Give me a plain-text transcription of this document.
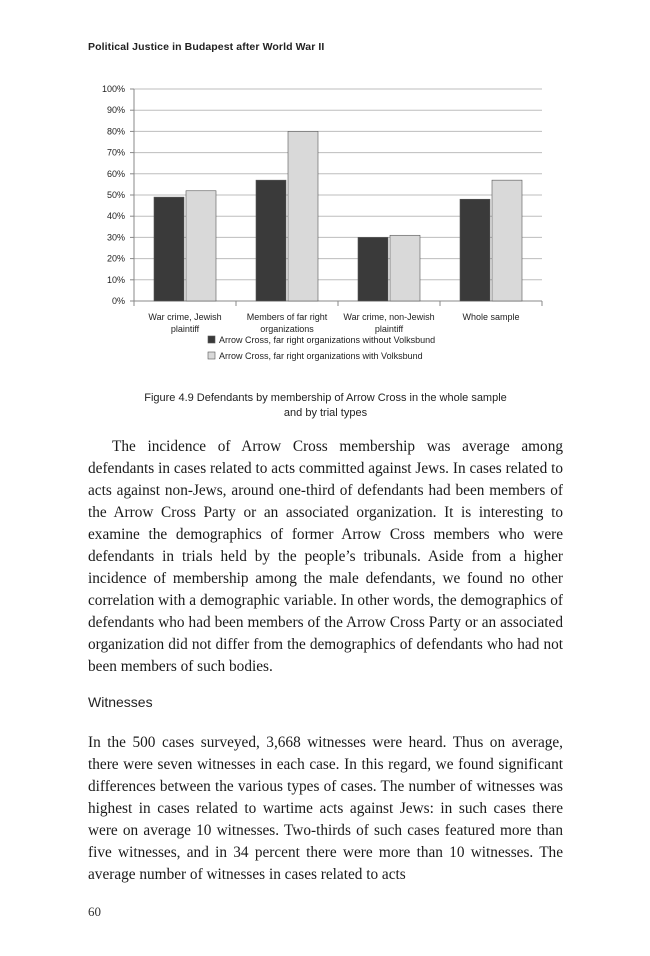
Political Justice in Budapest after World War II
0%
10%
20%
30%
40%
50%
60%
70%
80%
90%
100%
War crime, Jewish
plaintiff
Members of far right
organizations
War crime, non-Jewish
plaintiff
Whole sample
Arrow Cross, far right organizations without Volksbund
Arrow Cross, far right organizations with Volksbund
Figure 4.9 Defendants by membership of Arrow Cross in the whole sample
and by trial types

The incidence of Arrow Cross membership was average among defendants in cases related to acts committed against Jews. In cases related to acts against non-Jews, around one-third of defendants had been members of the Arrow Cross Party or an associated organization. It is interesting to examine the demographics of former Arrow Cross members who were defendants in trials held by the people’s tribunals. Aside from a higher incidence of membership among the male defendants, we found no other correlation with a demographic variable. In other words, the demographics of defendants who had been members of the Arrow Cross Party or an associated organization did not differ from the demographics of defendants who had not been members of such bodies.

Witnesses

In the 500 cases surveyed, 3,668 witnesses were heard. Thus on average, there were seven witnesses in each case. In this regard, we found significant differences between the various types of cases. The number of witnesses was highest in cases related to wartime acts against Jews: in such cases there were on average 10 witnesses. Two-thirds of such cases featured more than five witnesses, and in 34 percent there were more than 10 witnesses. The average number of witnesses in cases related to acts

60
